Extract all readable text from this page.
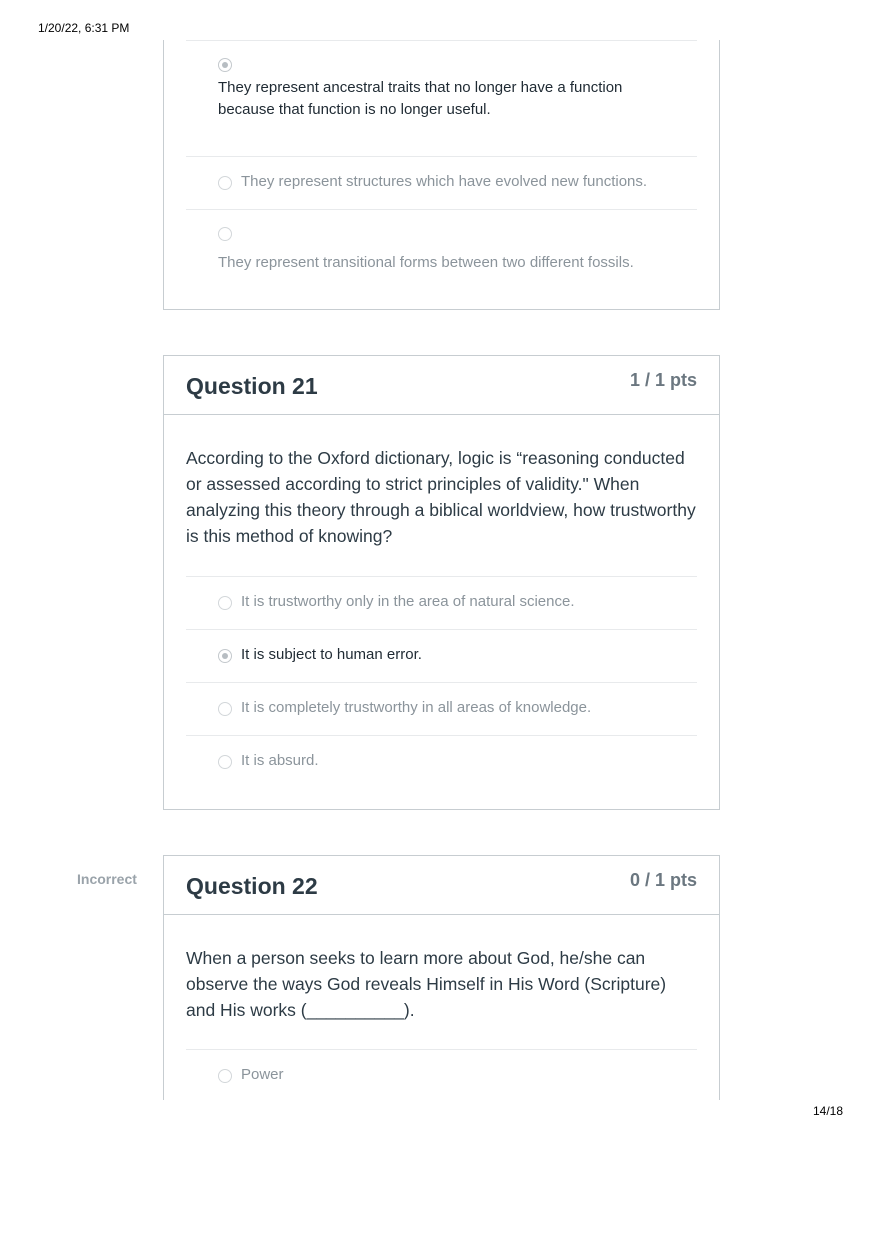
1/20/22, 6:31 PM
They represent ancestral traits that no longer have a function because that function is no longer useful.
They represent structures which have evolved new functions.
They represent transitional forms between two different fossils.
Question 21	1 / 1 pts
According to the Oxford dictionary, logic is “reasoning conducted or assessed according to strict principles of validity." When analyzing this theory through a biblical worldview, how trustworthy is this method of knowing?
It is trustworthy only in the area of natural science.
It is subject to human error.
It is completely trustworthy in all areas of knowledge.
It is absurd.
Incorrect Question 22	0 / 1 pts
When a person seeks to learn more about God, he/she can observe the ways God reveals Himself in His Word (Scripture) and His works (__________).
Power
14/18
